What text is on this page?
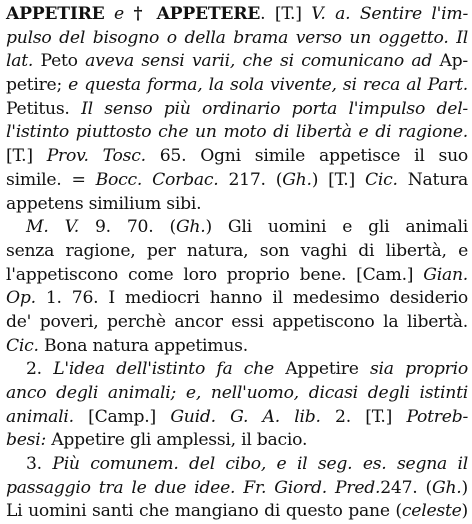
APPETIRE e † APPETERE. [T.] V. a. Sentire l'im-
pulso del bisogno o della brama verso un oggetto. Il
lat. Peto aveva sensi varii, che si comunicano ad Ap-
petire; e questa forma, la sola vivente, si reca al Part.
Petitus. Il senso più ordinario porta l'impulso del-
l'istinto piuttosto che un moto di libertà e di ragione.
[T.] Prov. Tosc. 65. Ogni simile appetisce il suo
simile. = Bocc. Corbac. 217. (Gh.) [T.] Cic. Natura
appetens similium sibi.
M. V. 9. 70. (Gh.) Gli uomini e gli animali
senza ragione, per natura, son vaghi di libertà, e
l'appetiscono come loro proprio bene. [Cam.] Gian.
Op. 1. 76. I mediocri hanno il medesimo desiderio
de' poveri, perchè ancor essi appetiscono la libertà.
Cic. Bona natura appetimus.
2. L'idea dell'istinto fa che Appetire sia proprio
anco degli animali; e, nell'uomo, dicasi degli istinti
animali. [Camp.] Guid. G. A. lib. 2. [T.] Potreb-
besi: Appetire gli amplessi, il bacio.
3. Più comunem. del cibo, e il seg. es. segna il
passaggio tra le due idee. Fr. Giord. Pred.247. (Gh.)
Li uomini santi che mangiano di questo pane (celeste)
